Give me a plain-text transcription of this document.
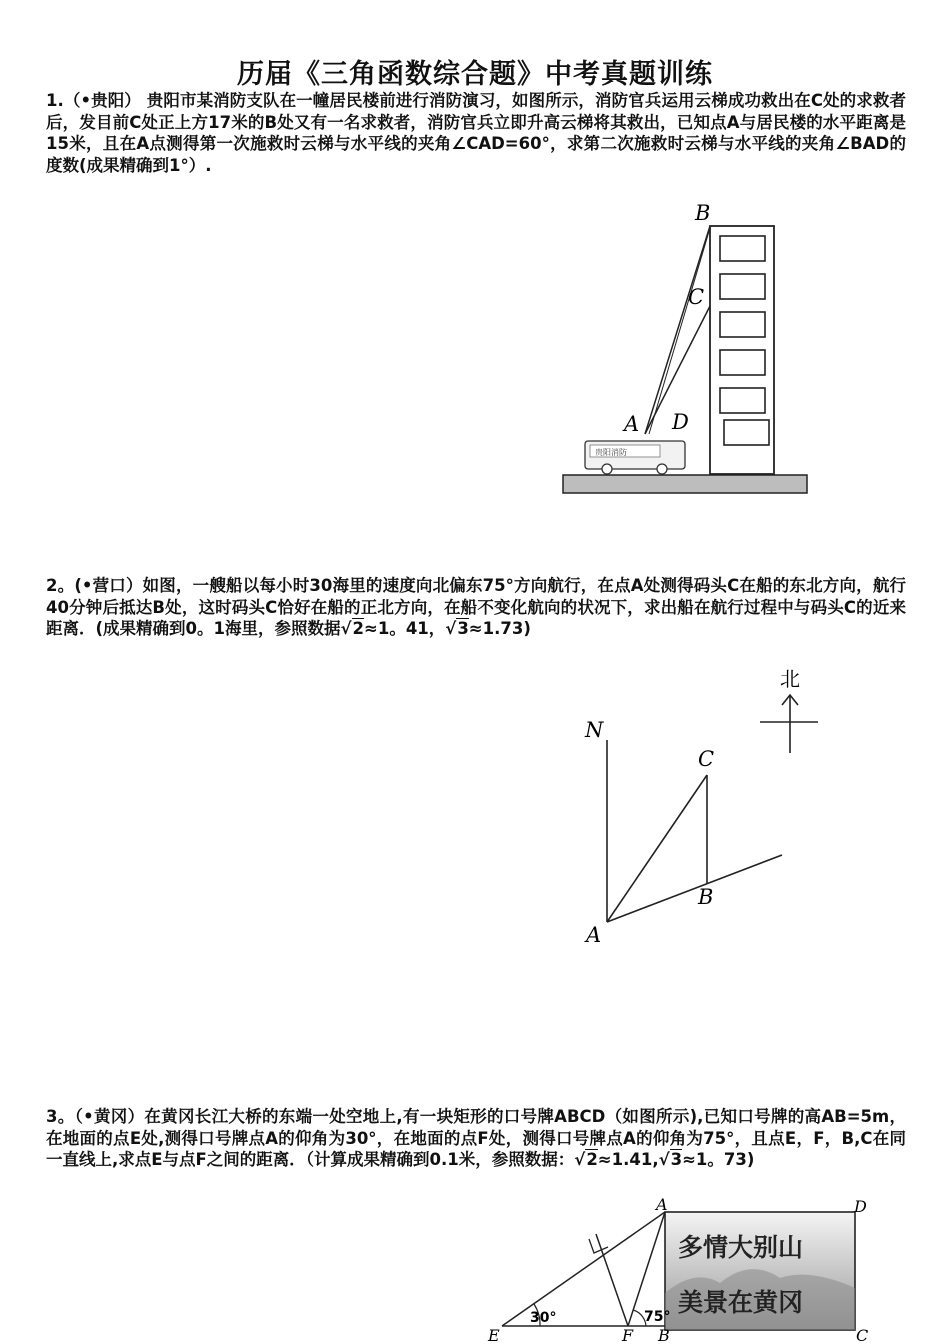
历届《三角函数综合题》中考真题训练
1.（•贵阳） 贵阳市某消防支队在一幢居民楼前进行消防演习，如图所示，消防官兵运用云梯成功救出在C处的求救者后，发目前C处正上方17米的B处又有一名求救者，消防官兵立即升高云梯将其救出，已知点A与居民楼的水平距离是15米，且在A点测得第一次施救时云梯与水平线的夹角∠CAD=60°，求第二次施救时云梯与水平线的夹角∠BAD的度数(成果精确到1°）.
贵阳消防
B
C
A D
2。(•营口）如图，一艘船以每小时30海里的速度向北偏东75°方向航行，在点A处测得码头C在船的东北方向，航行40分钟后抵达B处，这时码头C恰好在船的正北方向，在船不变化航向的状况下，求出船在航行过程中与码头C的近来距离．(成果精确到0。1海里，参照数据√2≈1。41，√3≈1.73)
北
N
C
B
A
3。（•黄冈）在黄冈长江大桥的东端一处空地上,有一块矩形的口号牌ABCD（如图所示),已知口号牌的高AB=5m，在地面的点E处,测得口号牌点A的仰角为30°，在地面的点F处，测得口号牌点A的仰角为75°，且点E，F，B,C在同一直线上,求点E与点F之间的距离．（计算成果精确到0.1米，参照数据：√2≈1.41,√3≈1。73)
多情大别山
美景在黄冈
30°	75°
A	D
E	F B	C
